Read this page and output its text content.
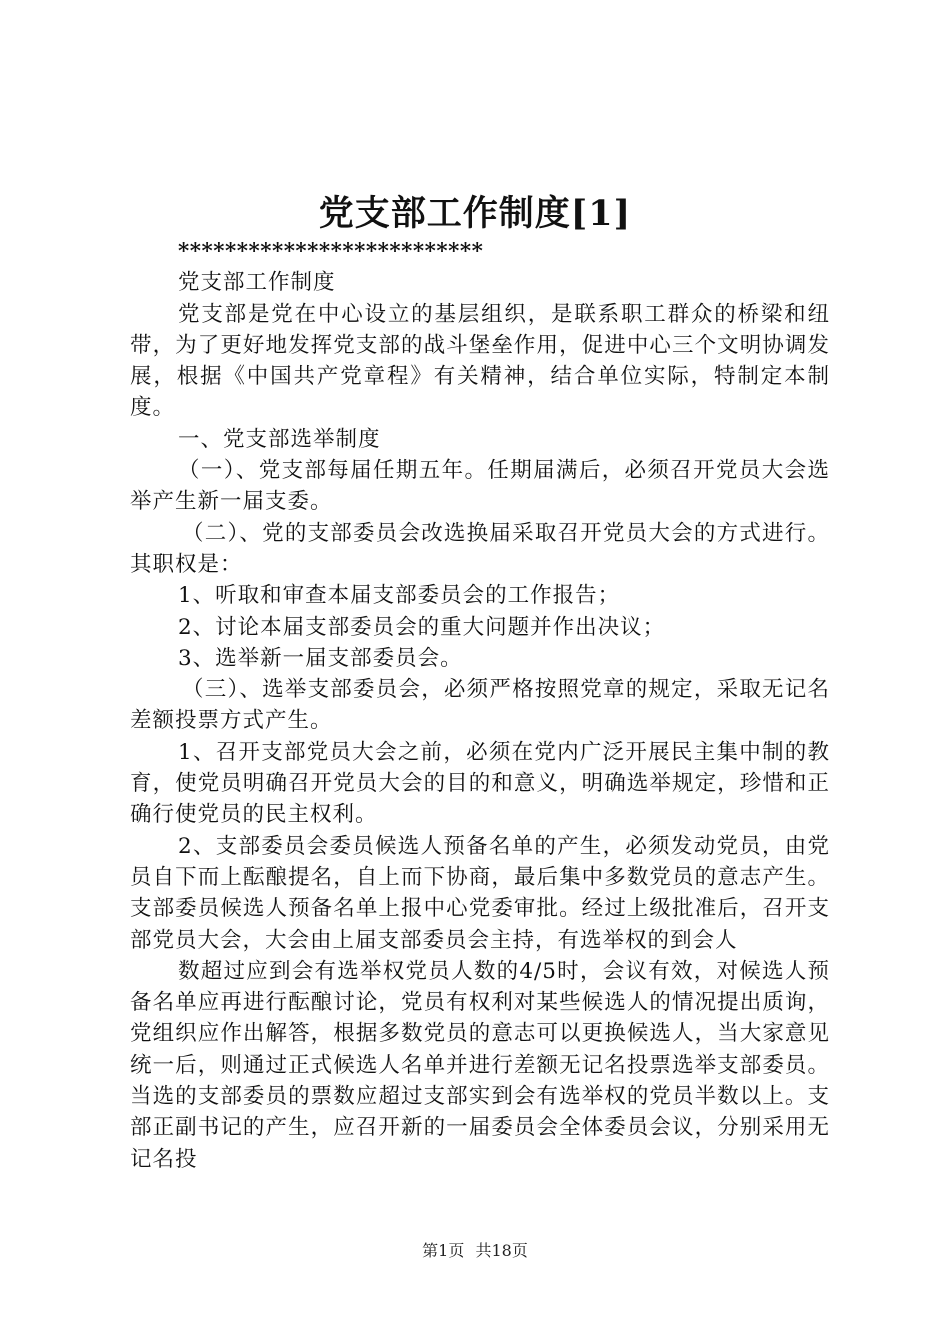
党支部工作制度[1]

**************************

党支部工作制度

党支部是党在中心设立的基层组织，是联系职工群众的桥梁和纽带，为了更好地发挥党支部的战斗堡垒作用，促进中心三个文明协调发展，根据《中国共产党章程》有关精神，结合单位实际，特制定本制度。

一、党支部选举制度

（一）、党支部每届任期五年。任期届满后，必须召开党员大会选举产生新一届支委。

（二）、党的支部委员会改选换届采取召开党员大会的方式进行。其职权是：

1、听取和审查本届支部委员会的工作报告；

2、讨论本届支部委员会的重大问题并作出决议；

3、选举新一届支部委员会。

（三）、选举支部委员会，必须严格按照党章的规定，采取无记名差额投票方式产生。

1、召开支部党员大会之前，必须在党内广泛开展民主集中制的教育，使党员明确召开党员大会的目的和意义，明确选举规定，珍惜和正确行使党员的民主权利。

2、支部委员会委员候选人预备名单的产生，必须发动党员，由党员自下而上酝酿提名，自上而下协商，最后集中多数党员的意志产生。支部委员候选人预备名单上报中心党委审批。经过上级批准后，召开支部党员大会，大会由上届支部委员会主持，有选举权的到会人

数超过应到会有选举权党员人数的4/5时，会议有效，对候选人预备名单应再进行酝酿讨论，党员有权利对某些候选人的情况提出质询，党组织应作出解答，根据多数党员的意志可以更换候选人，当大家意见统一后，则通过正式候选人名单并进行差额无记名投票选举支部委员。当选的支部委员的票数应超过支部实到会有选举权的党员半数以上。支部正副书记的产生，应召开新的一届委员会全体委员会议，分别采用无记名投

第1页 共18页
